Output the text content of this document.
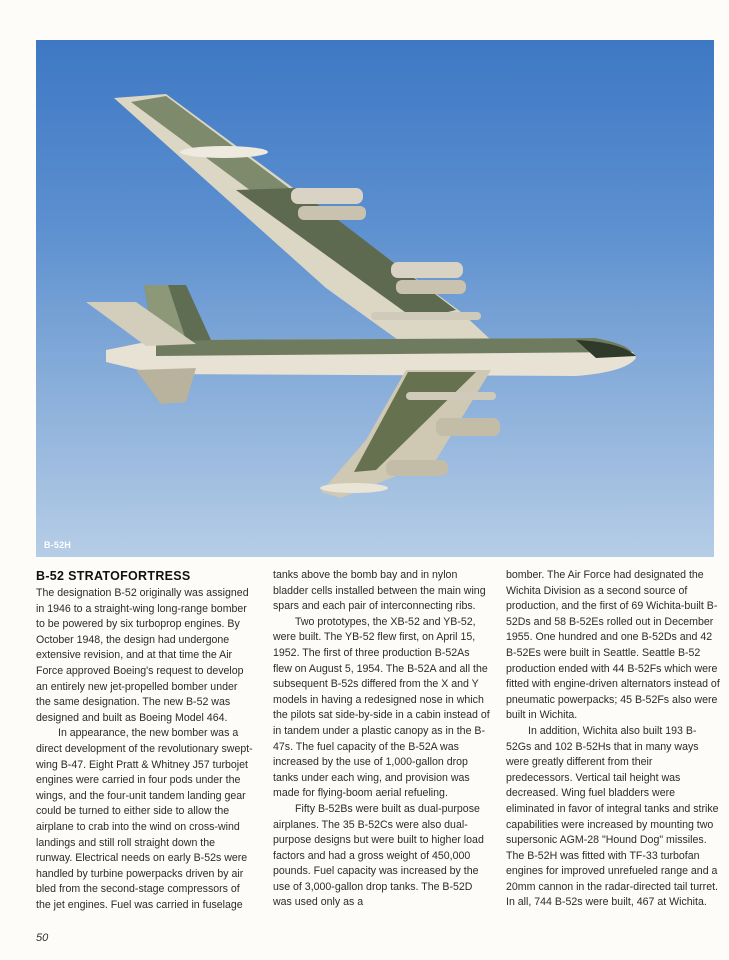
B-52H
B-52 STRATOFORTRESS

The designation B-52 originally was assigned in 1946 to a straight-wing long-range bomber to be powered by six turboprop engines. By October 1948, the design had undergone extensive revision, and at that time the Air Force approved Boeing's request to develop an entirely new jet-propelled bomber under the same designation. The new B-52 was designed and built as Boeing Model 464.

In appearance, the new bomber was a direct development of the revolutionary swept-wing B-47. Eight Pratt & Whitney J57 turbojet engines were carried in four pods under the wings, and the four-unit tandem landing gear could be turned to either side to allow the airplane to crab into the wind on cross-wind landings and still roll straight down the runway. Electrical needs on early B-52s were handled by turbine powerpacks driven by air bled from the second-stage compressors of the jet engines. Fuel was carried in fuselage

tanks above the bomb bay and in nylon bladder cells installed between the main wing spars and each pair of interconnecting ribs.

Two prototypes, the XB-52 and YB-52, were built. The YB-52 flew first, on April 15, 1952. The first of three production B-52As flew on August 5, 1954. The B-52A and all the subsequent B-52s differed from the X and Y models in having a redesigned nose in which the pilots sat side-by-side in a cabin instead of in tandem under a plastic canopy as in the B-47s. The fuel capacity of the B-52A was increased by the use of 1,000-gallon drop tanks under each wing, and provision was made for flying-boom aerial refueling.

Fifty B-52Bs were built as dual-purpose airplanes. The 35 B-52Cs were also dual-purpose designs but were built to higher load factors and had a gross weight of 450,000 pounds. Fuel capacity was increased by the use of 3,000-gallon drop tanks. The B-52D was used only as a

bomber. The Air Force had designated the Wichita Division as a second source of production, and the first of 69 Wichita-built B-52Ds and 58 B-52Es rolled out in December 1955. One hundred and one B-52Ds and 42 B-52Es were built in Seattle. Seattle B-52 production ended with 44 B-52Fs which were fitted with engine-driven alternators instead of pneumatic powerpacks; 45 B-52Fs also were built in Wichita.

In addition, Wichita also built 193 B-52Gs and 102 B-52Hs that in many ways were greatly different from their predecessors. Vertical tail height was decreased. Wing fuel bladders were eliminated in favor of integral tanks and strike capabilities were increased by mounting two supersonic AGM-28 "Hound Dog" missiles. The B-52H was fitted with TF-33 turbofan engines for improved unrefueled range and a 20mm cannon in the radar-directed tail turret. In all, 744 B-52s were built, 467 at Wichita.

50
